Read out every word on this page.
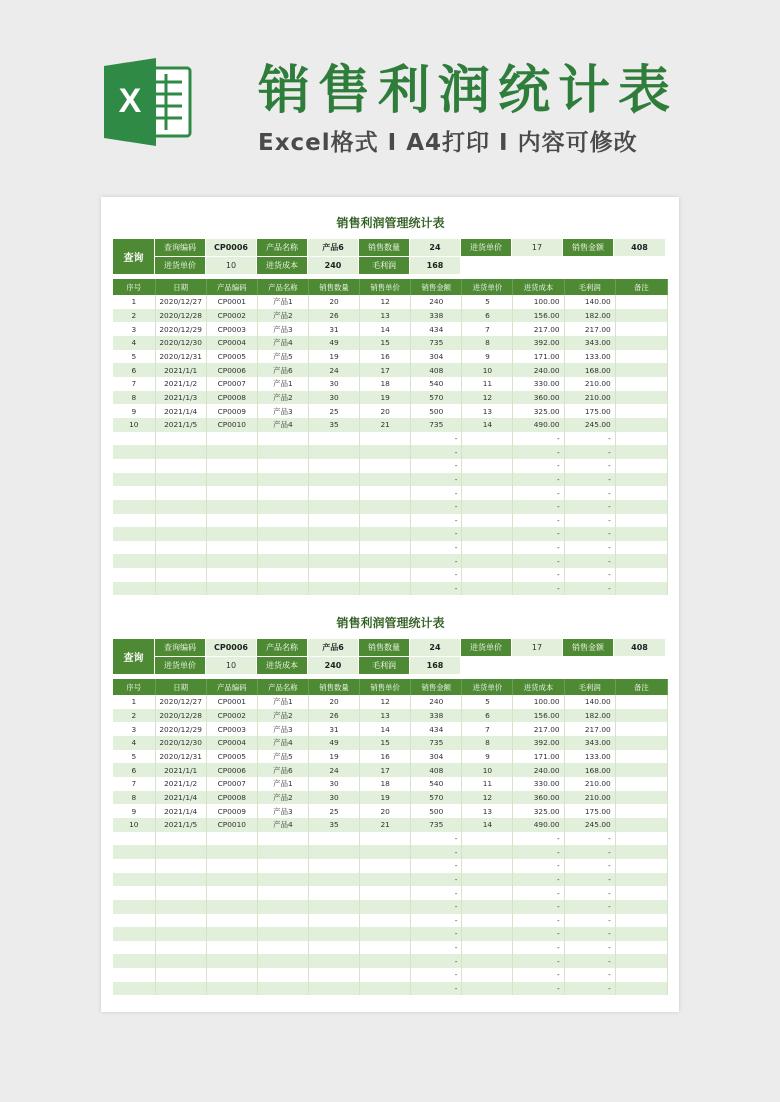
X 销售利润统计表
Excel格式 Ι A4打印 Ι 内容可修改
销售利润管理统计表
查询
查询编码	CP0006	产品名称	产品6	销售数量	24	进货单价	17	销售金额	408
进货单价	10	进货成本	240	毛利润	168
序号	日期	产品编码	产品名称	销售数量	销售单价	销售金额	进货单价	进货成本	毛利润	备注
1	2020/12/27	CP0001	产品1	20	12	240	5	100.00	140.00	
2	2020/12/28	CP0002	产品2	26	13	338	6	156.00	182.00	
3	2020/12/29	CP0003	产品3	31	14	434	7	217.00	217.00	
4	2020/12/30	CP0004	产品4	49	15	735	8	392.00	343.00	
5	2020/12/31	CP0005	产品5	19	16	304	9	171.00	133.00	
6	2021/1/1	CP0006	产品6	24	17	408	10	240.00	168.00	
7	2021/1/2	CP0007	产品1	30	18	540	11	330.00	210.00	
8	2021/1/3	CP0008	产品2	30	19	570	12	360.00	210.00	
9	2021/1/4	CP0009	产品3	25	20	500	13	325.00	175.00	
10	2021/1/5	CP0010	产品4	35	21	735	14	490.00	245.00	
						-		-	-	
						-		-	-	
						-		-	-	
						-		-	-	
						-		-	-	
						-		-	-	
						-		-	-	
						-		-	-	
						-		-	-	
						-		-	-	
						-		-	-	
						-		-	-	
销售利润管理统计表
查询
查询编码	CP0006	产品名称	产品6	销售数量	24	进货单价	17	销售金额	408
进货单价	10	进货成本	240	毛利润	168
序号	日期	产品编码	产品名称	销售数量	销售单价	销售金额	进货单价	进货成本	毛利润	备注
1	2020/12/27	CP0001	产品1	20	12	240	5	100.00	140.00	
2	2020/12/28	CP0002	产品2	26	13	338	6	156.00	182.00	
3	2020/12/29	CP0003	产品3	31	14	434	7	217.00	217.00	
4	2020/12/30	CP0004	产品4	49	15	735	8	392.00	343.00	
5	2020/12/31	CP0005	产品5	19	16	304	9	171.00	133.00	
6	2021/1/1	CP0006	产品6	24	17	408	10	240.00	168.00	
7	2021/1/2	CP0007	产品1	30	18	540	11	330.00	210.00	
8	2021/1/4	CP0008	产品2	30	19	570	12	360.00	210.00	
9	2021/1/4	CP0009	产品3	25	20	500	13	325.00	175.00	
10	2021/1/5	CP0010	产品4	35	21	735	14	490.00	245.00	
						-		-	-	
						-		-	-	
						-		-	-	
						-		-	-	
						-		-	-	
						-		-	-	
						-		-	-	
						-		-	-	
						-		-	-	
						-		-	-	
						-		-	-	
						-		-	-	
